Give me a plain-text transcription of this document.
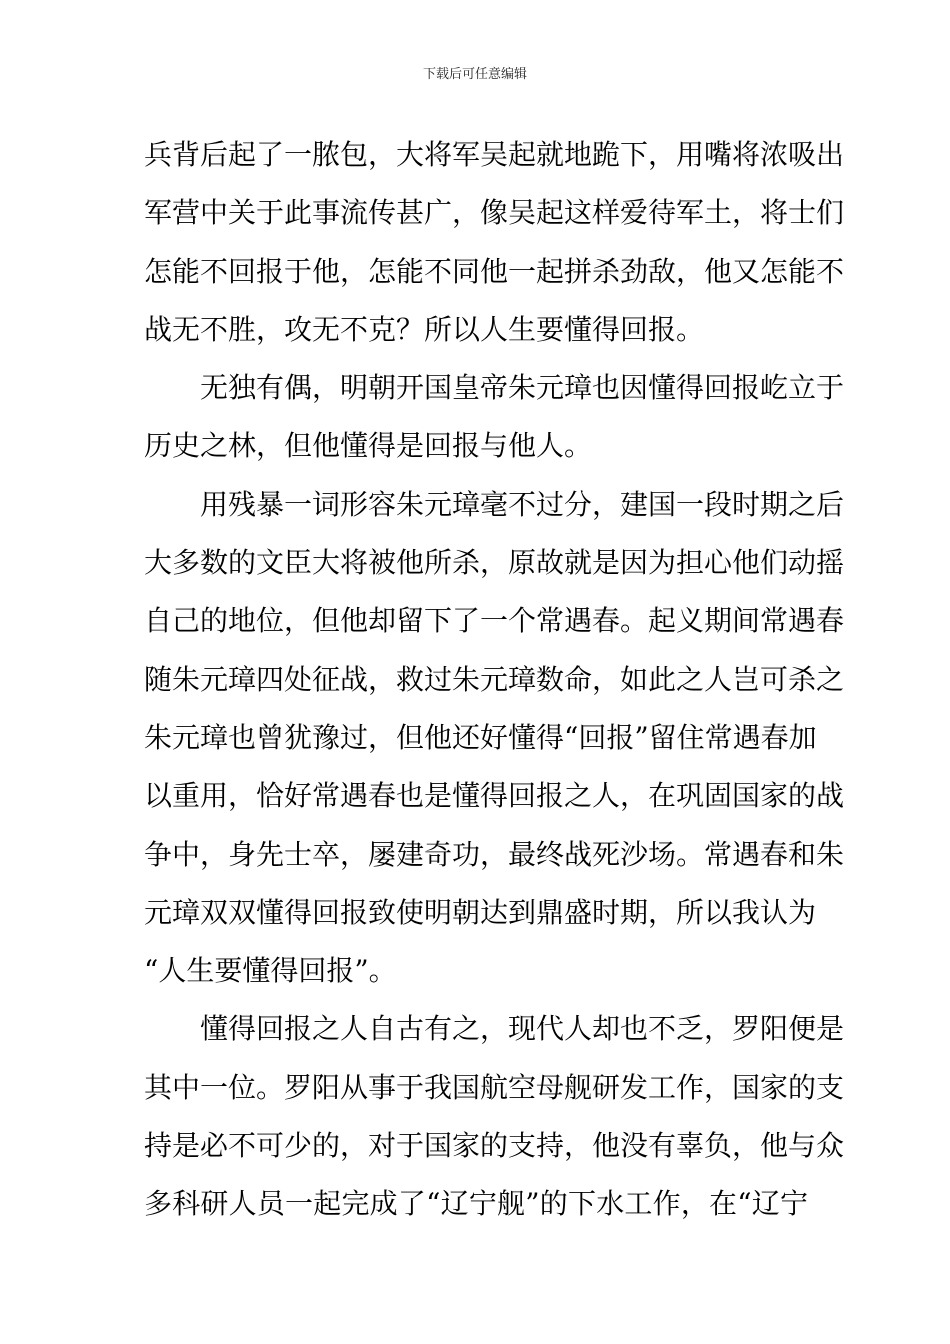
下载后可任意编辑
兵背后起了一脓包，大将军吴起就地跪下，用嘴将浓吸出
军营中关于此事流传甚广，像吴起这样爱待军土，将士们
怎能不回报于他，怎能不同他一起拼杀劲敌，他又怎能不
战无不胜，攻无不克？所以人生要懂得回报。
无独有偶，明朝开国皇帝朱元璋也因懂得回报屹立于
历史之林，但他懂得是回报与他人。
用残暴一词形容朱元璋毫不过分，建国一段时期之后
大多数的文臣大将被他所杀，原故就是因为担心他们动摇
自己的地位，但他却留下了一个常遇春。起义期间常遇春
随朱元璋四处征战，救过朱元璋数命，如此之人岂可杀之
朱元璋也曾犹豫过，但他还好懂得“回报”留住常遇春加
以重用，恰好常遇春也是懂得回报之人，在巩固国家的战
争中，身先士卒，屡建奇功，最终战死沙场。常遇春和朱
元璋双双懂得回报致使明朝达到鼎盛时期，所以我认为
“人生要懂得回报”。
懂得回报之人自古有之，现代人却也不乏，罗阳便是
其中一位。罗阳从事于我国航空母舰研发工作，国家的支
持是必不可少的，对于国家的支持，他没有辜负，他与众
多科研人员一起完成了“辽宁舰”的下水工作，在“辽宁
